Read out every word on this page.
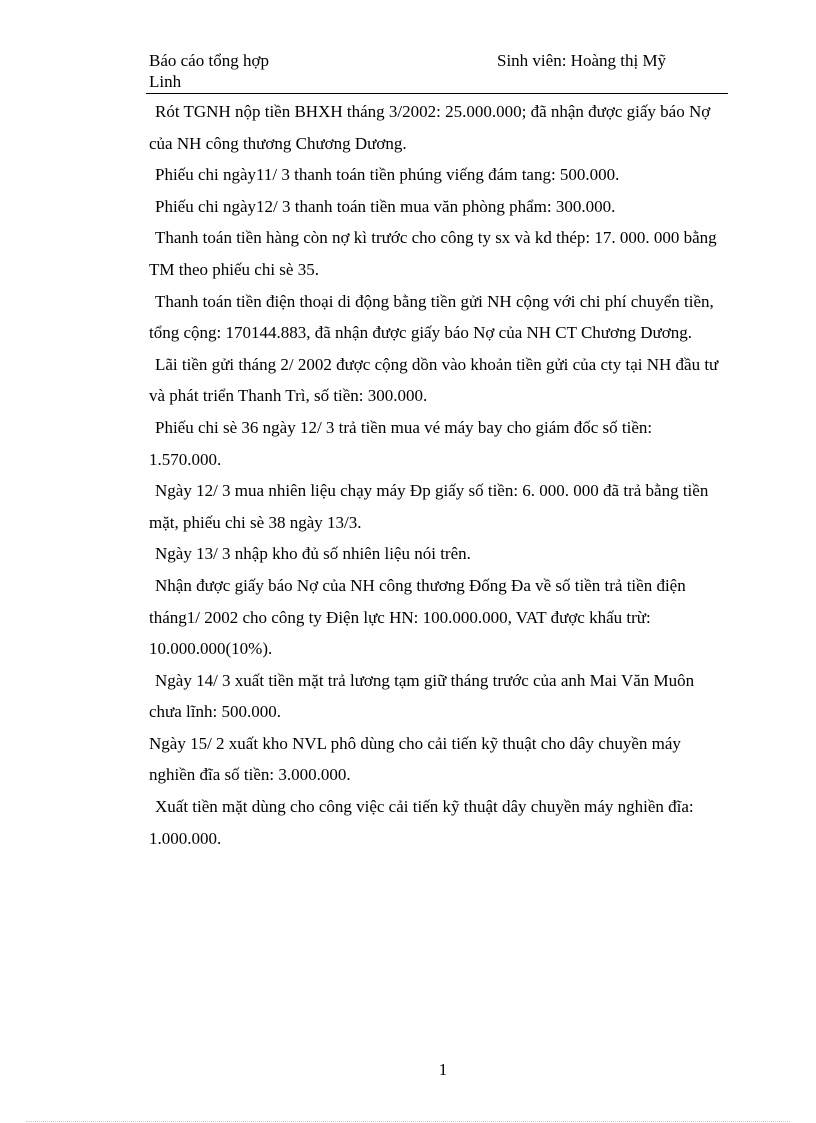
Báo cáo tổng hợp
Linh
Sinh viên: Hoàng thị Mỹ

Rót TGNH nộp tiền BHXH tháng 3/2002: 25.000.000; đã nhận được giấy báo Nợ của NH công thương Chương Dương.

Phiếu chi ngày11/ 3 thanh toán tiền phúng viếng đám tang: 500.000.

Phiếu chi ngày12/ 3 thanh toán tiền mua văn phòng phẩm: 300.000.

Thanh toán tiền hàng còn nợ kì trước cho công ty sx và kd thép: 17. 000. 000 bằng TM theo phiếu chi sè 35.

Thanh toán tiền điện thoại di động bằng tiền gửi NH cộng với chi phí chuyển tiền, tổng cộng: 170144.883, đã nhận được giấy báo Nợ của NH CT Chương Dương.

Lãi tiền gửi tháng 2/ 2002 được cộng dồn vào khoản tiền gửi của cty tại NH đầu tư và phát triển Thanh Trì, số tiền: 300.000.

Phiếu chi sè 36 ngày 12/ 3 trả tiền mua vé máy bay cho giám đốc số tiền: 1.570.000.

Ngày 12/ 3 mua nhiên liệu chạy máy Đp giấy số tiền: 6. 000. 000 đã trả bằng tiền mặt, phiếu chi sè 38 ngày 13/3.

Ngày 13/ 3 nhập kho đủ số nhiên liệu nói trên.

Nhận được giấy báo Nợ của NH công thương Đống Đa về số tiền trả tiền điện tháng1/ 2002 cho công ty Điện lực HN: 100.000.000, VAT được khấu trừ: 10.000.000(10%).

Ngày 14/ 3 xuất tiền mặt trả lương tạm giữ tháng trước của anh Mai Văn Muôn chưa lĩnh: 500.000.

Ngày 15/ 2 xuất kho NVL phô dùng cho cải tiến kỹ thuật cho dây chuyền máy nghiền đĩa số tiền: 3.000.000.

Xuất tiền mặt dùng cho công việc cải tiến kỹ thuật dây chuyền máy nghiền đĩa: 1.000.000.

1
